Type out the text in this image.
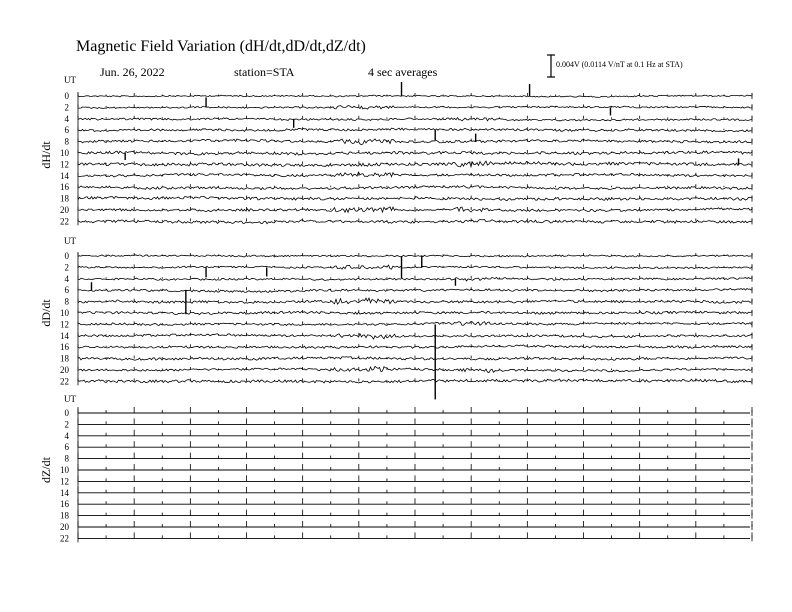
Magnetic Field Variation (dH/dt,dD/dt,dZ/dt)
Jun. 26, 2022	station=STA	4 sec averages
0.004V (0.0114 V/nT at 0.1 Hz at STA)
UT
dH/dt
0
2
4
6
8
10
12
14
16
18
20
22
UT
dD/dt
0
2
4
6
8
10
12
14
16
18
20
22
UT
dZ/dt
0
2
4
6
8
10
12
14
16
18
20
22
